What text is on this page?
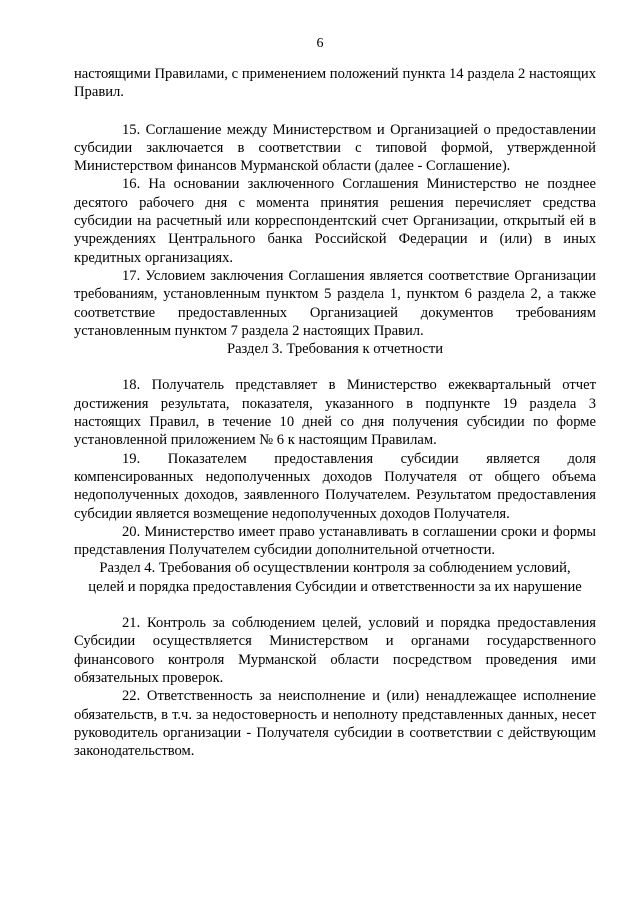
6

настоящими Правилами, с применением положений пункта 14 раздела 2 настоящих Правил.

15. Соглашение между Министерством и Организацией о предоставлении субсидии заключается в соответствии с типовой формой, утвержденной Министерством финансов Мурманской области (далее - Соглашение).

16. На основании заключенного Соглашения Министерство не позднее десятого рабочего дня с момента принятия решения перечисляет средства субсидии на расчетный или корреспондентский счет Организации, открытый ей в учреждениях Центрального банка Российской Федерации и (или) в иных кредитных организациях.

17. Условием заключения Соглашения является соответствие Организации требованиям, установленным пунктом 5 раздела 1, пунктом 6 раздела 2, а также соответствие предоставленных Организацией документов требованиям установленным пунктом 7 раздела 2 настоящих Правил.

Раздел 3. Требования к отчетности

18. Получатель представляет в Министерство ежеквартальный отчет достижения результата, показателя, указанного в подпункте 19 раздела 3 настоящих Правил, в течение 10 дней со дня получения субсидии по форме установленной приложением № 6 к настоящим Правилам.

19. Показателем предоставления субсидии является доля компенсированных недополученных доходов Получателя от общего объема недополученных доходов, заявленного Получателем. Результатом предоставления субсидии является возмещение недополученных доходов Получателя.

20. Министерство имеет право устанавливать в соглашении сроки и формы представления Получателем субсидии дополнительной отчетности.

Раздел 4. Требования об осуществлении контроля за соблюдением условий, целей и порядка предоставления Субсидии и ответственности за их нарушение

21. Контроль за соблюдением целей, условий и порядка предоставления Субсидии осуществляется Министерством и органами государственного финансового контроля Мурманской области посредством проведения ими обязательных проверок.

22. Ответственность за неисполнение и (или) ненадлежащее исполнение обязательств, в т.ч. за недостоверность и неполноту представленных данных, несет руководитель организации - Получателя субсидии в соответствии с действующим законодательством.
